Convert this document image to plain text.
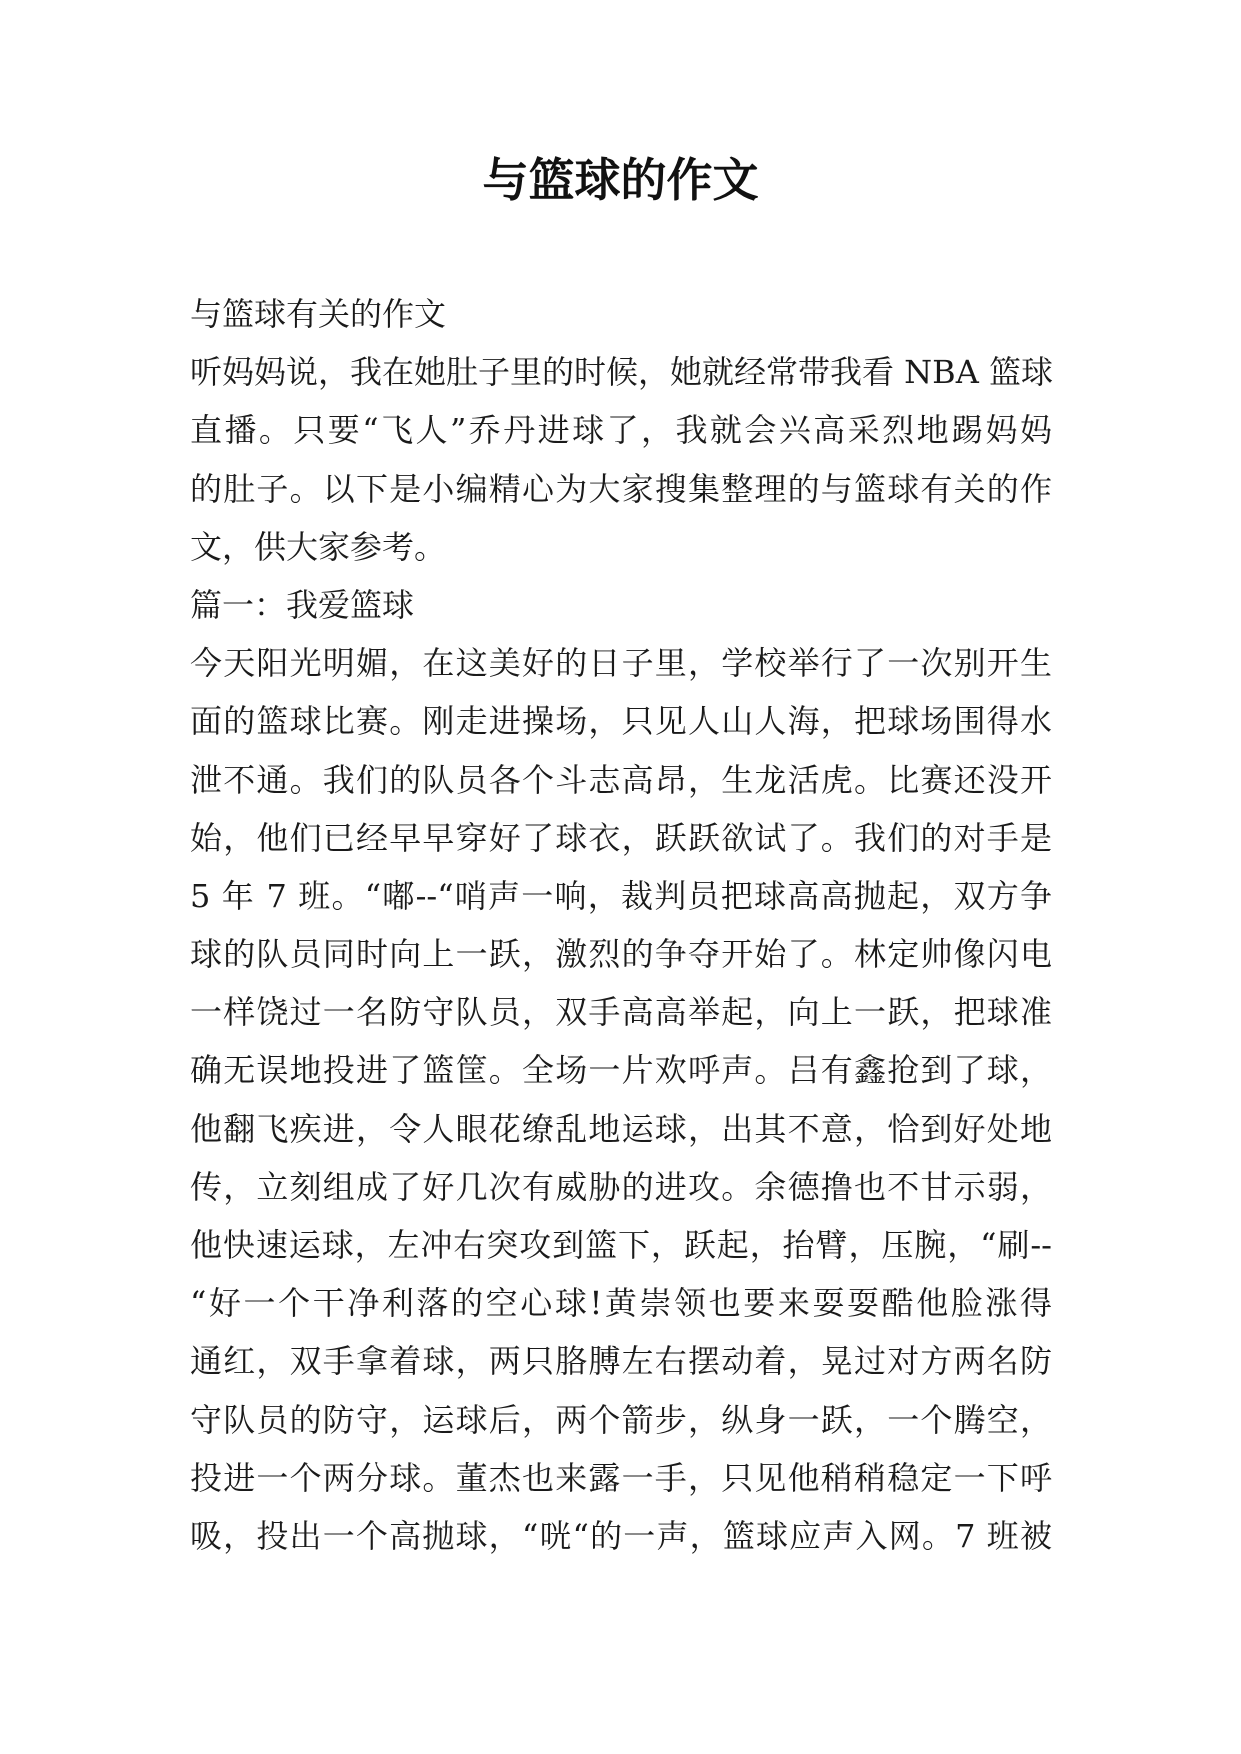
与篮球的作文
与篮球有关的作文
听妈妈说，我在她肚子里的时候，她就经常带我看 NBA 篮球
直播。只要“飞人”乔丹进球了，我就会兴高采烈地踢妈妈
的肚子。以下是小编精心为大家搜集整理的与篮球有关的作
文，供大家参考。
篇一：我爱篮球
今天阳光明媚，在这美好的日子里，学校举行了一次别开生
面的篮球比赛。刚走进操场，只见人山人海，把球场围得水
泄不通。我们的队员各个斗志高昂，生龙活虎。比赛还没开
始，他们已经早早穿好了球衣，跃跃欲试了。我们的对手是
5 年 7 班。“嘟--“哨声一响，裁判员把球高高抛起，双方争
球的队员同时向上一跃，激烈的争夺开始了。林定帅像闪电
一样饶过一名防守队员，双手高高举起，向上一跃，把球准
确无误地投进了篮筐。全场一片欢呼声。吕有鑫抢到了球，
他翻飞疾进，令人眼花缭乱地运球，出其不意，恰到好处地
传，立刻组成了好几次有威胁的进攻。余德撸也不甘示弱，
他快速运球，左冲右突攻到篮下，跃起，抬臂，压腕，“刷--
“好一个干净利落的空心球!黄崇领也要来耍耍酷他脸涨得
通红，双手拿着球，两只胳膊左右摆动着，晃过对方两名防
守队员的防守，运球后，两个箭步，纵身一跃，一个腾空，
投进一个两分球。董杰也来露一手，只见他稍稍稳定一下呼
吸，投出一个高抛球，“咣“的一声，篮球应声入网。7 班被
